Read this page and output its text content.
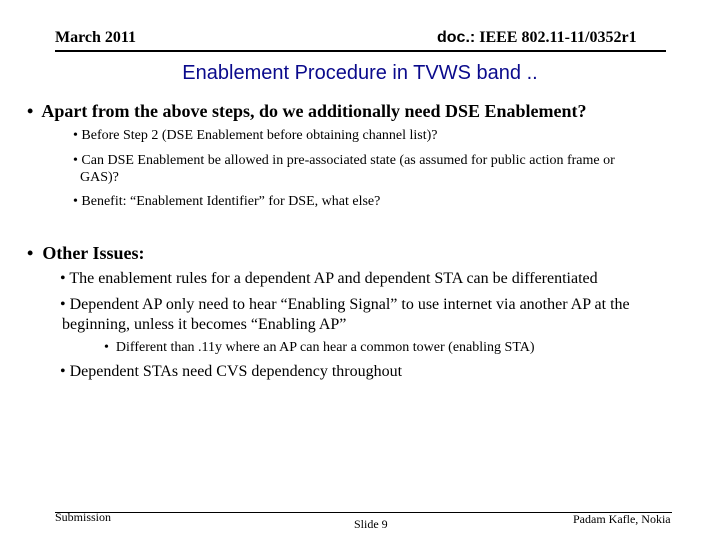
March 2011	doc.: IEEE 802.11-11/0352r1
Enablement Procedure in TVWS band ..
• Apart from the above steps, do we additionally need DSE Enablement?
• Before Step 2 (DSE Enablement before obtaining channel list)?
• Can DSE Enablement be allowed in pre-associated state (as assumed for public action frame or
GAS)?
• Benefit: “Enablement Identifier” for DSE, what else?
• Other Issues:
• The enablement rules for a dependent AP and dependent STA can be differentiated
• Dependent AP only need to hear “Enabling Signal” to use internet via another AP at the
beginning, unless it becomes “Enabling AP”
• Different than .11y where an AP can hear a common tower (enabling STA)
• Dependent STAs need CVS dependency throughout
Submission	Slide 9	Padam Kafle, Nokia
